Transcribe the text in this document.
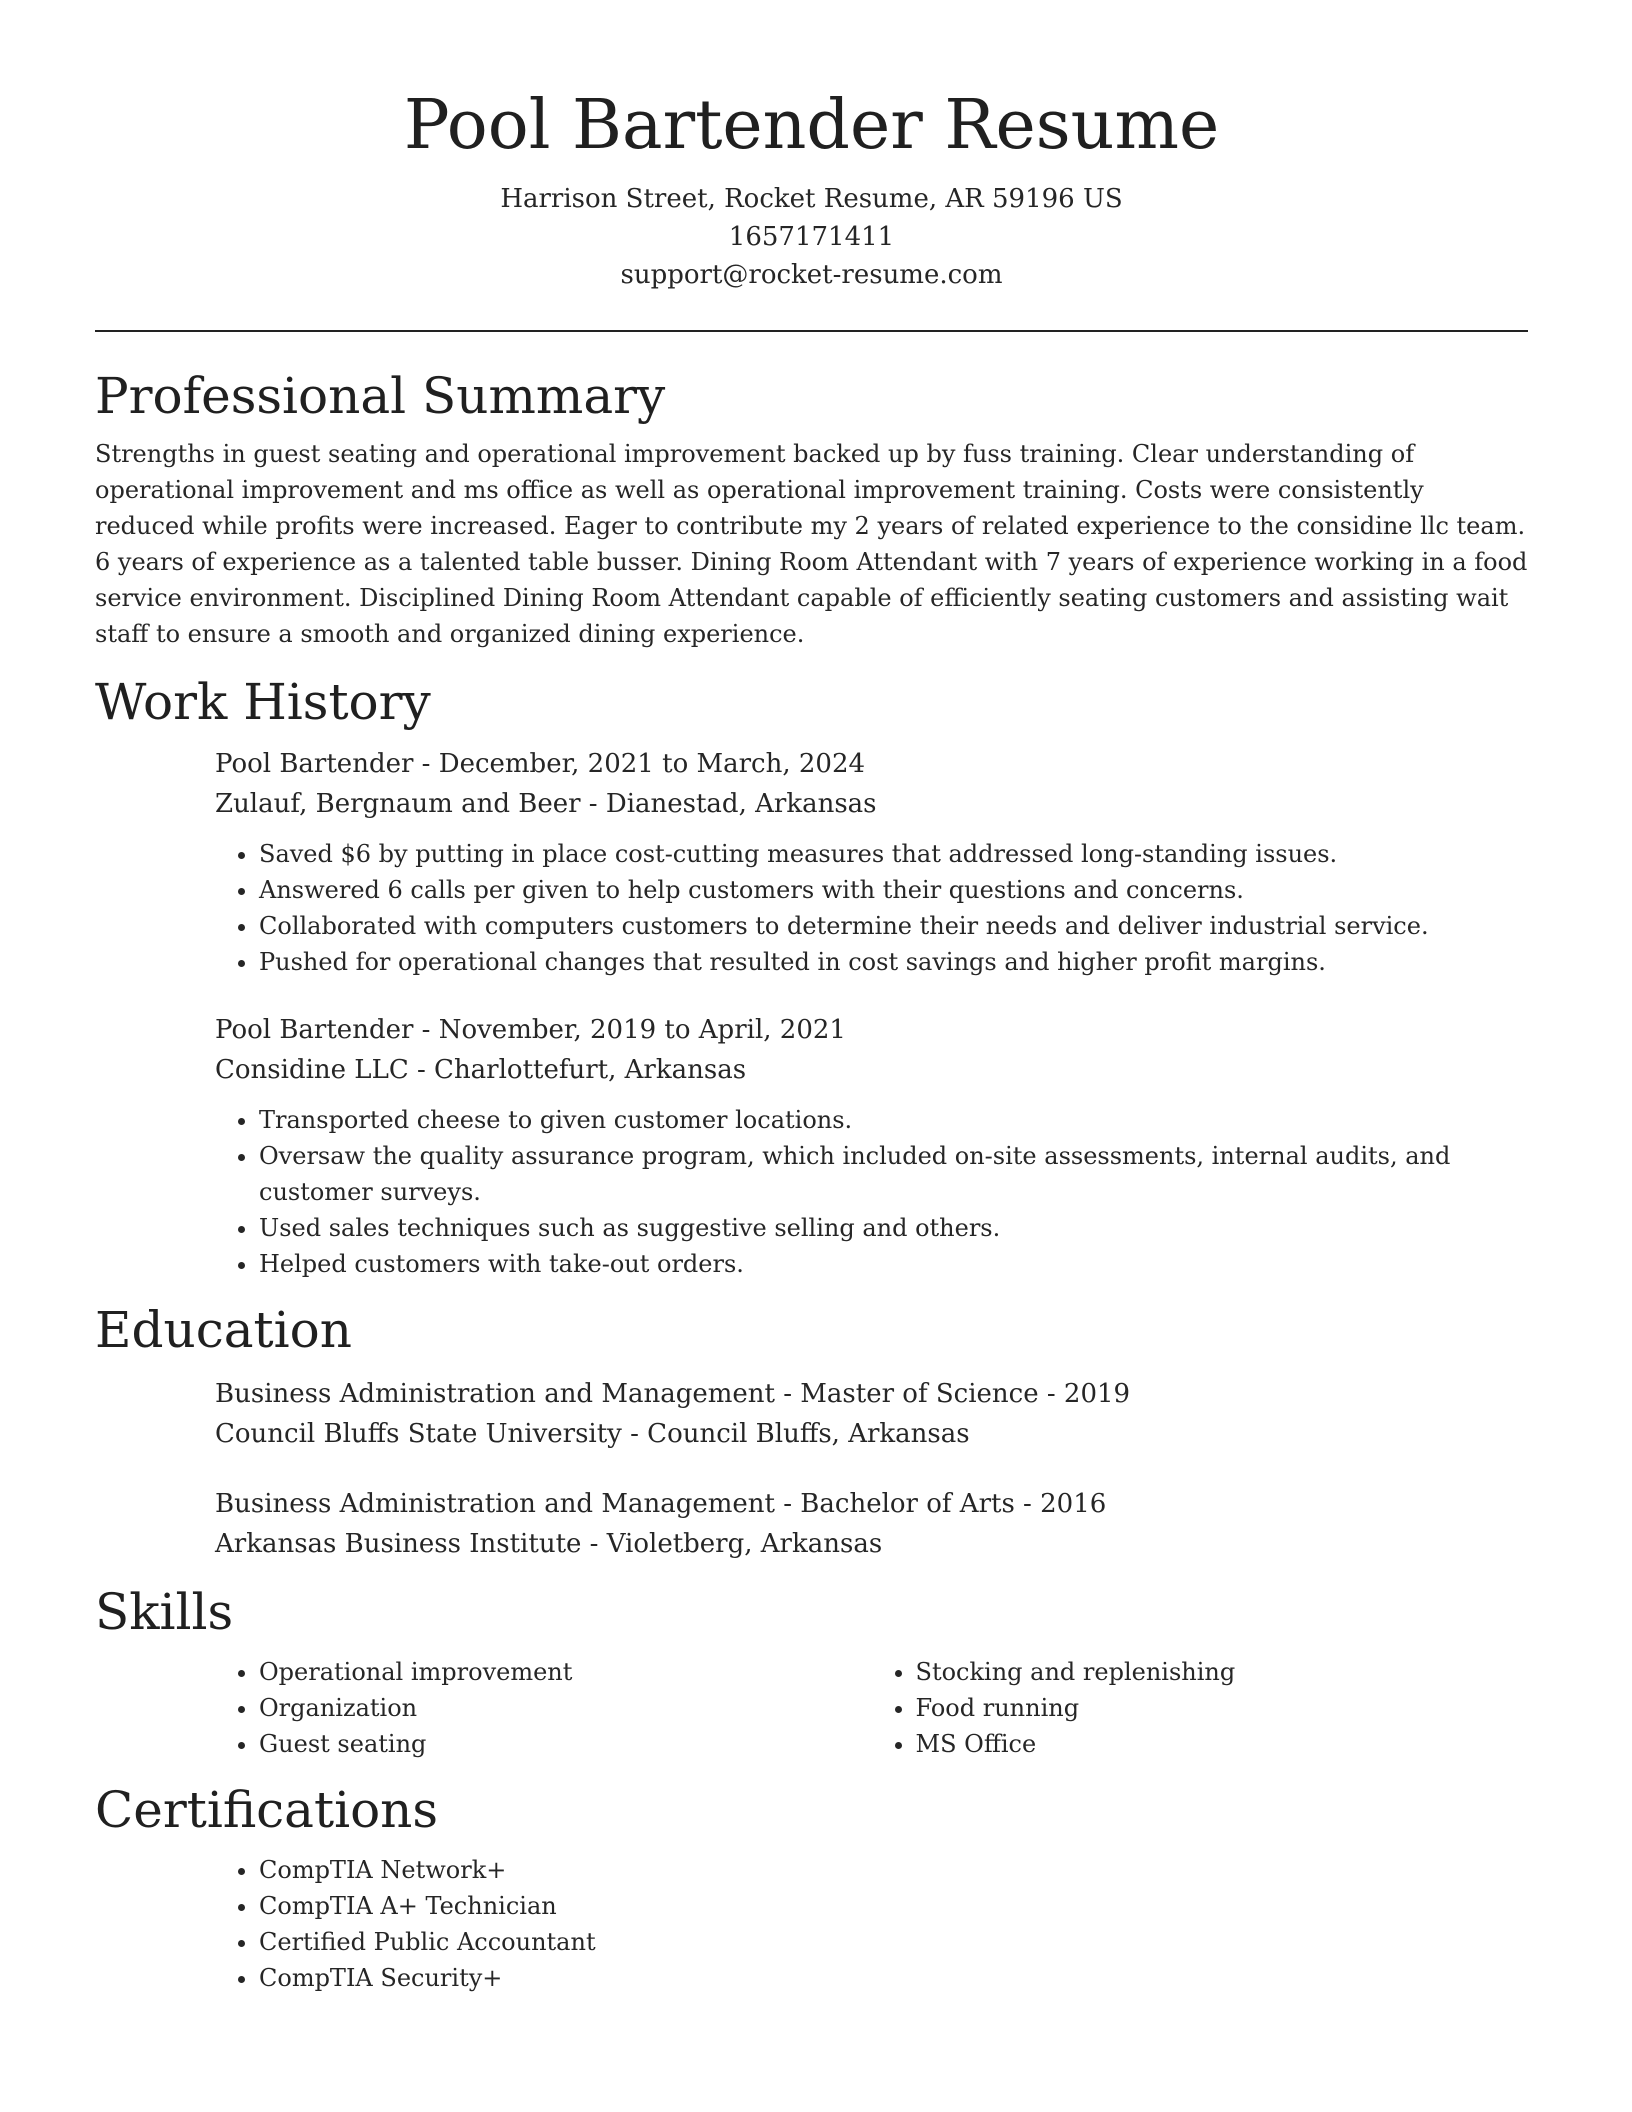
Pool Bartender Resume
Harrison Street, Rocket Resume, AR 59196 US
1657171411
support@rocket-resume.com
Professional Summary

Strengths in guest seating and operational improvement backed up by fuss training. Clear understanding of operational improvement and ms office as well as operational improvement training. Costs were consistently reduced while profits were increased. Eager to contribute my 2 years of related experience to the considine llc team. 6 years of experience as a talented table busser. Dining Room Attendant with 7 years of experience working in a food service environment. Disciplined Dining Room Attendant capable of efficiently seating customers and assisting wait staff to ensure a smooth and organized dining experience.

Work History
Pool Bartender - December, 2021 to March, 2024
Zulauf, Bergnaum and Beer - Dianestad, Arkansas
• Saved $6 by putting in place cost-cutting measures that addressed long-standing issues.
• Answered 6 calls per given to help customers with their questions and concerns.
• Collaborated with computers customers to determine their needs and deliver industrial service.
• Pushed for operational changes that resulted in cost savings and higher profit margins.
Pool Bartender - November, 2019 to April, 2021
Considine LLC - Charlottefurt, Arkansas
• Transported cheese to given customer locations.
• Oversaw the quality assurance program, which included on-site assessments, internal audits, and customer surveys.
• Used sales techniques such as suggestive selling and others.
• Helped customers with take-out orders.
Education
Business Administration and Management - Master of Science - 2019
Council Bluffs State University - Council Bluffs, Arkansas
Business Administration and Management - Bachelor of Arts - 2016
Arkansas Business Institute - Violetberg, Arkansas
Skills
• Operational improvement
• Organization
• Guest seating
• Stocking and replenishing
• Food running
• MS Office
Certifications
• CompTIA Network+
• CompTIA A+ Technician
• Certified Public Accountant
• CompTIA Security+
